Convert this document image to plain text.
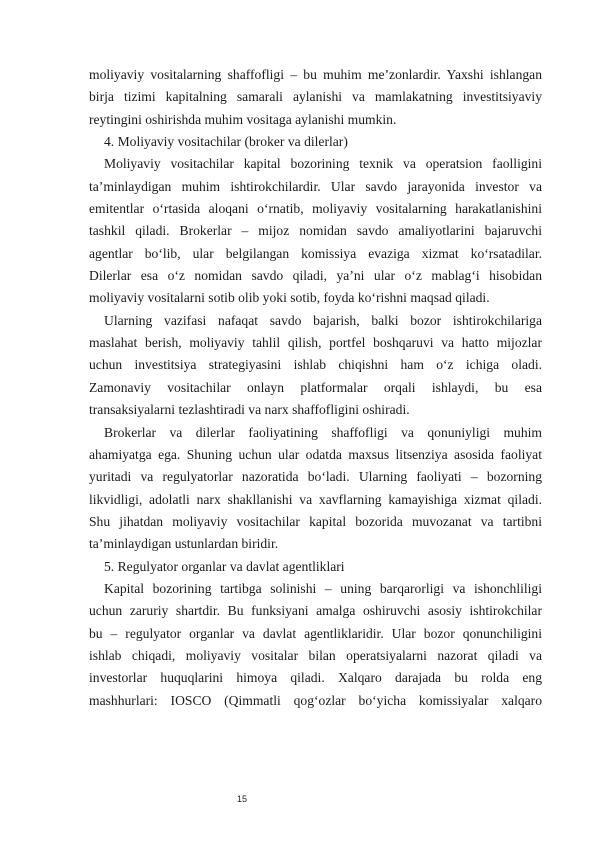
moliyaviy vositalarning shaffofligi – bu muhim me’zonlardir. Yaxshi ishlangan
birja tizimi kapitalning samarali aylanishi va mamlakatning investitsiyaviy
reytingini oshirishda muhim vositaga aylanishi mumkin.
4. Moliyaviy vositachilar (broker va dilerlar)
Moliyaviy vositachilar kapital bozorining texnik va operatsion faolligini
ta’minlaydigan muhim ishtirokchilardir. Ular savdo jarayonida investor va
emitentlar o‘rtasida aloqani o‘rnatib, moliyaviy vositalarning harakatlanishini
tashkil qiladi. Brokerlar – mijoz nomidan savdo amaliyotlarini bajaruvchi
agentlar bo‘lib, ular belgilangan komissiya evaziga xizmat ko‘rsatadilar.
Dilerlar esa o‘z nomidan savdo qiladi, ya’ni ular o‘z mablag‘i hisobidan
moliyaviy vositalarni sotib olib yoki sotib, foyda ko‘rishni maqsad qiladi.
Ularning vazifasi nafaqat savdo bajarish, balki bozor ishtirokchilariga
maslahat berish, moliyaviy tahlil qilish, portfel boshqaruvi va hatto mijozlar
uchun investitsiya strategiyasini ishlab chiqishni ham o‘z ichiga oladi.
Zamonaviy vositachilar onlayn platformalar orqali ishlaydi, bu esa
transaksiyalarni tezlashtiradi va narx shaffofligini oshiradi.
Brokerlar va dilerlar faoliyatining shaffofligi va qonuniyligi muhim
ahamiyatga ega. Shuning uchun ular odatda maxsus litsenziya asosida faoliyat
yuritadi va regulyatorlar nazoratida bo‘ladi. Ularning faoliyati – bozorning
likvidligi, adolatli narx shakllanishi va xavflarning kamayishiga xizmat qiladi.
Shu jihatdan moliyaviy vositachilar kapital bozorida muvozanat va tartibni
ta’minlaydigan ustunlardan biridir.
5. Regulyator organlar va davlat agentliklari
Kapital bozorining tartibga solinishi – uning barqarorligi va ishonchliligi
uchun zaruriy shartdir. Bu funksiyani amalga oshiruvchi asosiy ishtirokchilar
bu – regulyator organlar va davlat agentliklaridir. Ular bozor qonunchiligini
ishlab chiqadi, moliyaviy vositalar bilan operatsiyalarni nazorat qiladi va
investorlar huquqlarini himoya qiladi. Xalqaro darajada bu rolda eng
mashhurlari: IOSCO (Qimmatli qog‘ozlar bo‘yicha komissiyalar xalqaro
15
